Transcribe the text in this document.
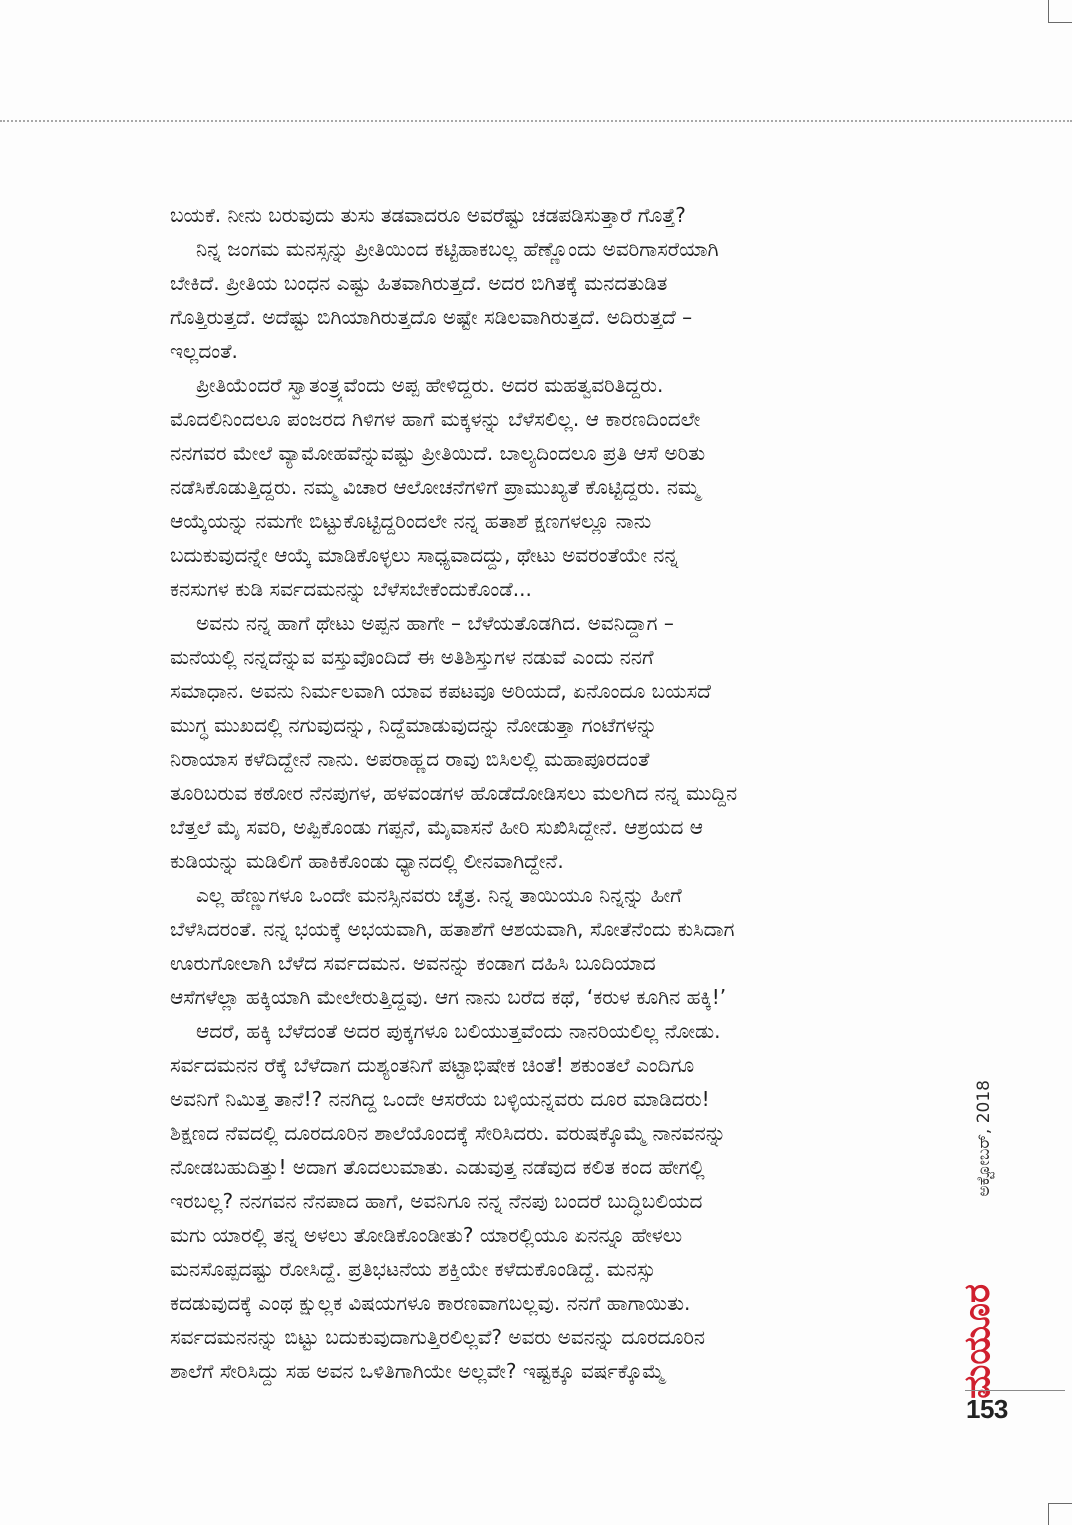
ಬಯಕೆ. ನೀನು ಬರುವುದು ತುಸು ತಡವಾದರೂ ಅವರೆಷ್ಟು ಚಡಪಡಿಸುತ್ತಾರೆ ಗೊತ್ತೆ?
ನಿನ್ನ ಜಂಗಮ ಮನಸ್ಸನ್ನು ಪ್ರೀತಿಯಿಂದ ಕಟ್ಟಿಹಾಕಬಲ್ಲ ಹೆಣ್ಣೊಂದು ಅವರಿಗಾಸರೆಯಾಗಿ
ಬೇಕಿದೆ. ಪ್ರೀತಿಯ ಬಂಧನ ಎಷ್ಟು ಹಿತವಾಗಿರುತ್ತದೆ. ಅದರ ಬಿಗಿತಕ್ಕೆ ಮನದತುಡಿತ
ಗೊತ್ತಿರುತ್ತದೆ. ಅದೆಷ್ಟು ಬಿಗಿಯಾಗಿರುತ್ತದೊ ಅಷ್ಟೇ ಸಡಿಲವಾಗಿರುತ್ತದೆ. ಅದಿರುತ್ತದೆ –
ಇಲ್ಲದಂತೆ.
ಪ್ರೀತಿಯೆಂದರೆ ಸ್ವಾತಂತ್ರ್ಯವೆಂದು ಅಪ್ಪ ಹೇಳಿದ್ದರು. ಅದರ ಮಹತ್ವವರಿತಿದ್ದರು.
ಮೊದಲಿನಿಂದಲೂ ಪಂಜರದ ಗಿಳಿಗಳ ಹಾಗೆ ಮಕ್ಕಳನ್ನು ಬೆಳೆಸಲಿಲ್ಲ. ಆ ಕಾರಣದಿಂದಲೇ
ನನಗವರ ಮೇಲೆ ವ್ಯಾಮೋಹವೆನ್ನುವಷ್ಟು ಪ್ರೀತಿಯಿದೆ. ಬಾಲ್ಯದಿಂದಲೂ ಪ್ರತಿ ಆಸೆ ಅರಿತು
ನಡೆಸಿಕೊಡುತ್ತಿದ್ದರು. ನಮ್ಮ ವಿಚಾರ ಆಲೋಚನೆಗಳಿಗೆ ಪ್ರಾಮುಖ್ಯತೆ ಕೊಟ್ಟಿದ್ದರು. ನಮ್ಮ
ಆಯ್ಕೆಯನ್ನು ನಮಗೇ ಬಿಟ್ಟುಕೊಟ್ಟಿದ್ದರಿಂದಲೇ ನನ್ನ ಹತಾಶೆ ಕ್ಷಣಗಳಲ್ಲೂ ನಾನು
ಬದುಕುವುದನ್ನೇ ಆಯ್ಕೆ ಮಾಡಿಕೊಳ್ಳಲು ಸಾಧ್ಯವಾದದ್ದು, ಥೇಟು ಅವರಂತೆಯೇ ನನ್ನ
ಕನಸುಗಳ ಕುಡಿ ಸರ್ವದಮನನ್ನು ಬೆಳೆಸಬೇಕೆಂದುಕೊಂಡೆ...
ಅವನು ನನ್ನ ಹಾಗೆ ಥೇಟು ಅಪ್ಪನ ಹಾಗೇ – ಬೆಳೆಯತೊಡಗಿದ. ಅವನಿದ್ದಾಗ –
ಮನೆಯಲ್ಲಿ ನನ್ನದೆನ್ನುವ ವಸ್ತುವೊಂದಿದೆ ಈ ಅತಿಶಿಸ್ತುಗಳ ನಡುವೆ ಎಂದು ನನಗೆ
ಸಮಾಧಾನ. ಅವನು ನಿರ್ಮಲವಾಗಿ ಯಾವ ಕಪಟವೂ ಅರಿಯದೆ, ಏನೊಂದೂ ಬಯಸದೆ
ಮುಗ್ಧ ಮುಖದಲ್ಲಿ ನಗುವುದನ್ನು, ನಿದ್ದೆಮಾಡುವುದನ್ನು ನೋಡುತ್ತಾ ಗಂಟೆಗಳನ್ನು
ನಿರಾಯಾಸ ಕಳೆದಿದ್ದೇನೆ ನಾನು. ಅಪರಾಹ್ಣದ ರಾವು ಬಿಸಿಲಲ್ಲಿ ಮಹಾಪೂರದಂತೆ
ತೂರಿಬರುವ ಕಠೋರ ನೆನಪುಗಳ, ಹಳವಂಡಗಳ ಹೊಡೆದೋಡಿಸಲು ಮಲಗಿದ ನನ್ನ ಮುದ್ದಿನ
ಬೆತ್ತಲೆ ಮೈ ಸವರಿ, ಅಪ್ಪಿಕೊಂಡು ಗಪ್ಪನೆ, ಮೈವಾಸನೆ ಹೀರಿ ಸುಖಿಸಿದ್ದೇನೆ. ಆಶ್ರಯದ ಆ
ಕುಡಿಯನ್ನು ಮಡಿಲಿಗೆ ಹಾಕಿಕೊಂಡು ಧ್ಯಾನದಲ್ಲಿ ಲೀನವಾಗಿದ್ದೇನೆ.
ಎಲ್ಲ ಹೆಣ್ಣುಗಳೂ ಒಂದೇ ಮನಸ್ಸಿನವರು ಚೈತ್ರ. ನಿನ್ನ ತಾಯಿಯೂ ನಿನ್ನನ್ನು ಹೀಗೆ
ಬೆಳೆಸಿದರಂತೆ. ನನ್ನ ಭಯಕ್ಕೆ ಅಭಯವಾಗಿ, ಹತಾಶೆಗೆ ಆಶಯವಾಗಿ, ಸೋತೆನೆಂದು ಕುಸಿದಾಗ
ಊರುಗೋಲಾಗಿ ಬೆಳೆದ ಸರ್ವದಮನ. ಅವನನ್ನು ಕಂಡಾಗ ದಹಿಸಿ ಬೂದಿಯಾದ
ಆಸೆಗಳೆಲ್ಲಾ ಹಕ್ಕಿಯಾಗಿ ಮೇಲೇರುತ್ತಿದ್ದವು. ಆಗ ನಾನು ಬರೆದ ಕಥೆ, ‘ಕರುಳ ಕೂಗಿನ ಹಕ್ಕಿ!’
ಆದರೆ, ಹಕ್ಕಿ ಬೆಳೆದಂತೆ ಅದರ ಪುಕ್ಕಗಳೂ ಬಲಿಯುತ್ತವೆಂದು ನಾನರಿಯಲಿಲ್ಲ ನೋಡು.
ಸರ್ವದಮನನ ರೆಕ್ಕೆ ಬೆಳೆದಾಗ ದುಶ್ಯಂತನಿಗೆ ಪಟ್ಟಾಭಿಷೇಕ ಚಿಂತೆ! ಶಕುಂತಲೆ ಎಂದಿಗೂ
ಅವನಿಗೆ ನಿಮಿತ್ತ ತಾನೆ!? ನನಗಿದ್ದ ಒಂದೇ ಆಸರೆಯ ಬಳ್ಳಿಯನ್ನವರು ದೂರ ಮಾಡಿದರು!
ಶಿಕ್ಷಣದ ನೆವದಲ್ಲಿ ದೂರದೂರಿನ ಶಾಲೆಯೊಂದಕ್ಕೆ ಸೇರಿಸಿದರು. ವರುಷಕ್ಕೊಮ್ಮೆ ನಾನವನನ್ನು
ನೋಡಬಹುದಿತ್ತು! ಅದಾಗ ತೊದಲುಮಾತು. ಎಡುವುತ್ತ ನಡೆವುದ ಕಲಿತ ಕಂದ ಹೇಗಲ್ಲಿ
ಇರಬಲ್ಲ? ನನಗವನ ನೆನಪಾದ ಹಾಗೆ, ಅವನಿಗೂ ನನ್ನ ನೆನಪು ಬಂದರೆ ಬುದ್ಧಿಬಲಿಯದ
ಮಗು ಯಾರಲ್ಲಿ ತನ್ನ ಅಳಲು ತೋಡಿಕೊಂಡೀತು? ಯಾರಲ್ಲಿಯೂ ಏನನ್ನೂ ಹೇಳಲು
ಮನಸೊಪ್ಪದಷ್ಟು ರೋಸಿದ್ದೆ. ಪ್ರತಿಭಟನೆಯ ಶಕ್ತಿಯೇ ಕಳೆದುಕೊಂಡಿದ್ದೆ. ಮನಸ್ಸು
ಕದಡುವುದಕ್ಕೆ ಎಂಥ ಕ್ಷುಲ್ಲಕ ವಿಷಯಗಳೂ ಕಾರಣವಾಗಬಲ್ಲವು. ನನಗೆ ಹಾಗಾಯಿತು.
ಸರ್ವದಮನನನ್ನು ಬಿಟ್ಟು ಬದುಕುವುದಾಗುತ್ತಿರಲಿಲ್ಲವೆ? ಅವರು ಅವನನ್ನು ದೂರದೂರಿನ
ಶಾಲೆಗೆ ಸೇರಿಸಿದ್ದು ಸಹ ಅವನ ಒಳಿತಿಗಾಗಿಯೇ ಅಲ್ಲವೇ? ಇಷ್ಟಕ್ಕೂ ವರ್ಷಕ್ಕೊಮ್ಮೆ
ಅಕ್ಟೋಬರ್, 2018
ಮಯೂರ
153
